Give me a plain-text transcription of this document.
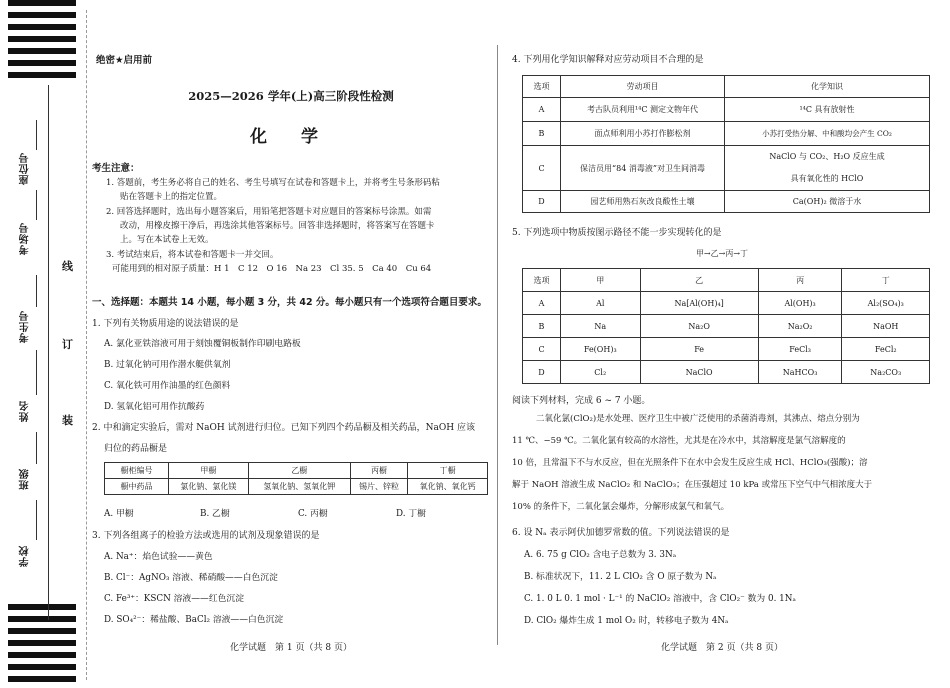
座位号
考场号
考生号
姓名
班级
学校
线
订
装
绝密★启用前
2025—2026 学年(上)高三阶段性检测
化 学
考生注意：
1. 答题前，考生务必将自己的姓名、考生号填写在试卷和答题卡上，并将考生号条形码粘
贴在答题卡上的指定位置。
2. 回答选择题时，选出每小题答案后，用铅笔把答题卡对应题目的答案标号涂黑。如需
改动，用橡皮擦干净后，再选涂其他答案标号。回答非选择题时，将答案写在答题卡
上。写在本试卷上无效。
3. 考试结束后，将本试卷和答题卡一并交回。
可能用到的相对原子质量：H 1　C 12　O 16　Na 23　Cl 35. 5　Ca 40　Cu 64
一、选择题：本题共 14 小题，每小题 3 分，共 42 分。每小题只有一个选项符合题目要求。
1. 下列有关物质用途的说法错误的是
A. 氯化亚铁溶液可用于刻蚀覆铜板制作印刷电路板
B. 过氧化钠可用作潜水艇供氧剂
C. 氧化铁可用作油墨的红色颜料
D. 氢氧化铝可用作抗酸药
2. 中和滴定实验后，需对 NaOH 试剂进行归位。已知下列四个药品橱及相关药品，NaOH 应该
归位的药品橱是
橱柜编号	甲橱	乙橱	丙橱	丁橱
橱中药品	氯化钠、氯化镁	氢氧化钠、氢氧化钾	锡片、锌粒	氧化钠、氧化钙
A. 甲橱	B. 乙橱	C. 丙橱	D. 丁橱
3. 下列各组离子的检验方法或选用的试剂及现象错误的是
A. Na⁺：焰色试验——黄色
B. Cl⁻：AgNO₃ 溶液、稀硝酸——白色沉淀
C. Fe³⁺：KSCN 溶液——红色沉淀
D. SO₄²⁻：稀盐酸、BaCl₂ 溶液——白色沉淀
化学试题　第 1 页（共 8 页）
4. 下列用化学知识解释对应劳动项目不合理的是
选项	劳动项目	化学知识
A	考古队员利用¹⁴C 测定文物年代	¹⁴C 具有放射性
B	面点师利用小苏打作膨松剂	小苏打受热分解、中和酸均会产生 CO₂
C	保洁员用“84 消毒液”对卫生间消毒	NaClO 与 CO₂、H₂O 反应生成
具有氧化性的 HClO

D	园艺师用熟石灰改良酸性土壤	Ca(OH)₂ 微溶于水
5. 下列选项中物质按图示路径不能一步实现转化的是
甲→乙→丙→丁
选项	甲	乙	丙	丁
A	Al	Na[Al(OH)₄]	Al(OH)₃	Al₂(SO₄)₃
B	Na	Na₂O	Na₂O₂	NaOH
C	Fe(OH)₃	Fe	FeCl₃	FeCl₂
D	Cl₂	NaClO	NaHCO₃	Na₂CO₃
阅读下列材料，完成 6 ~ 7 小题。
二氧化氯(ClO₂)是水处理、医疗卫生中被广泛使用的杀菌消毒剂，其沸点、熔点分别为
11 ℃、−59 ℃。二氧化氯有较高的水溶性，尤其是在冷水中，其溶解度是氯气溶解度的
10 倍，且常温下不与水反应，但在光照条件下在水中会发生反应生成 HCl、HClO₃(强酸)；溶
解于 NaOH 溶液生成 NaClO₂ 和 NaClO₃；在压强超过 10 kPa 或常压下空气中气相浓度大于
10% 的条件下，二氧化氯会爆炸，分解形成氯气和氧气。
6. 设 Nₐ 表示阿伏加德罗常数的值。下列说法错误的是
A. 6. 75 g ClO₂ 含电子总数为 3. 3Nₐ
B. 标准状况下，11. 2 L ClO₂ 含 O 原子数为 Nₐ
C. 1. 0 L 0. 1 mol · L⁻¹ 的 NaClO₂ 溶液中，含 ClO₂⁻ 数为 0. 1Nₐ
D. ClO₂ 爆炸生成 1 mol O₂ 时，转移电子数为 4Nₐ
化学试题　第 2 页（共 8 页）
